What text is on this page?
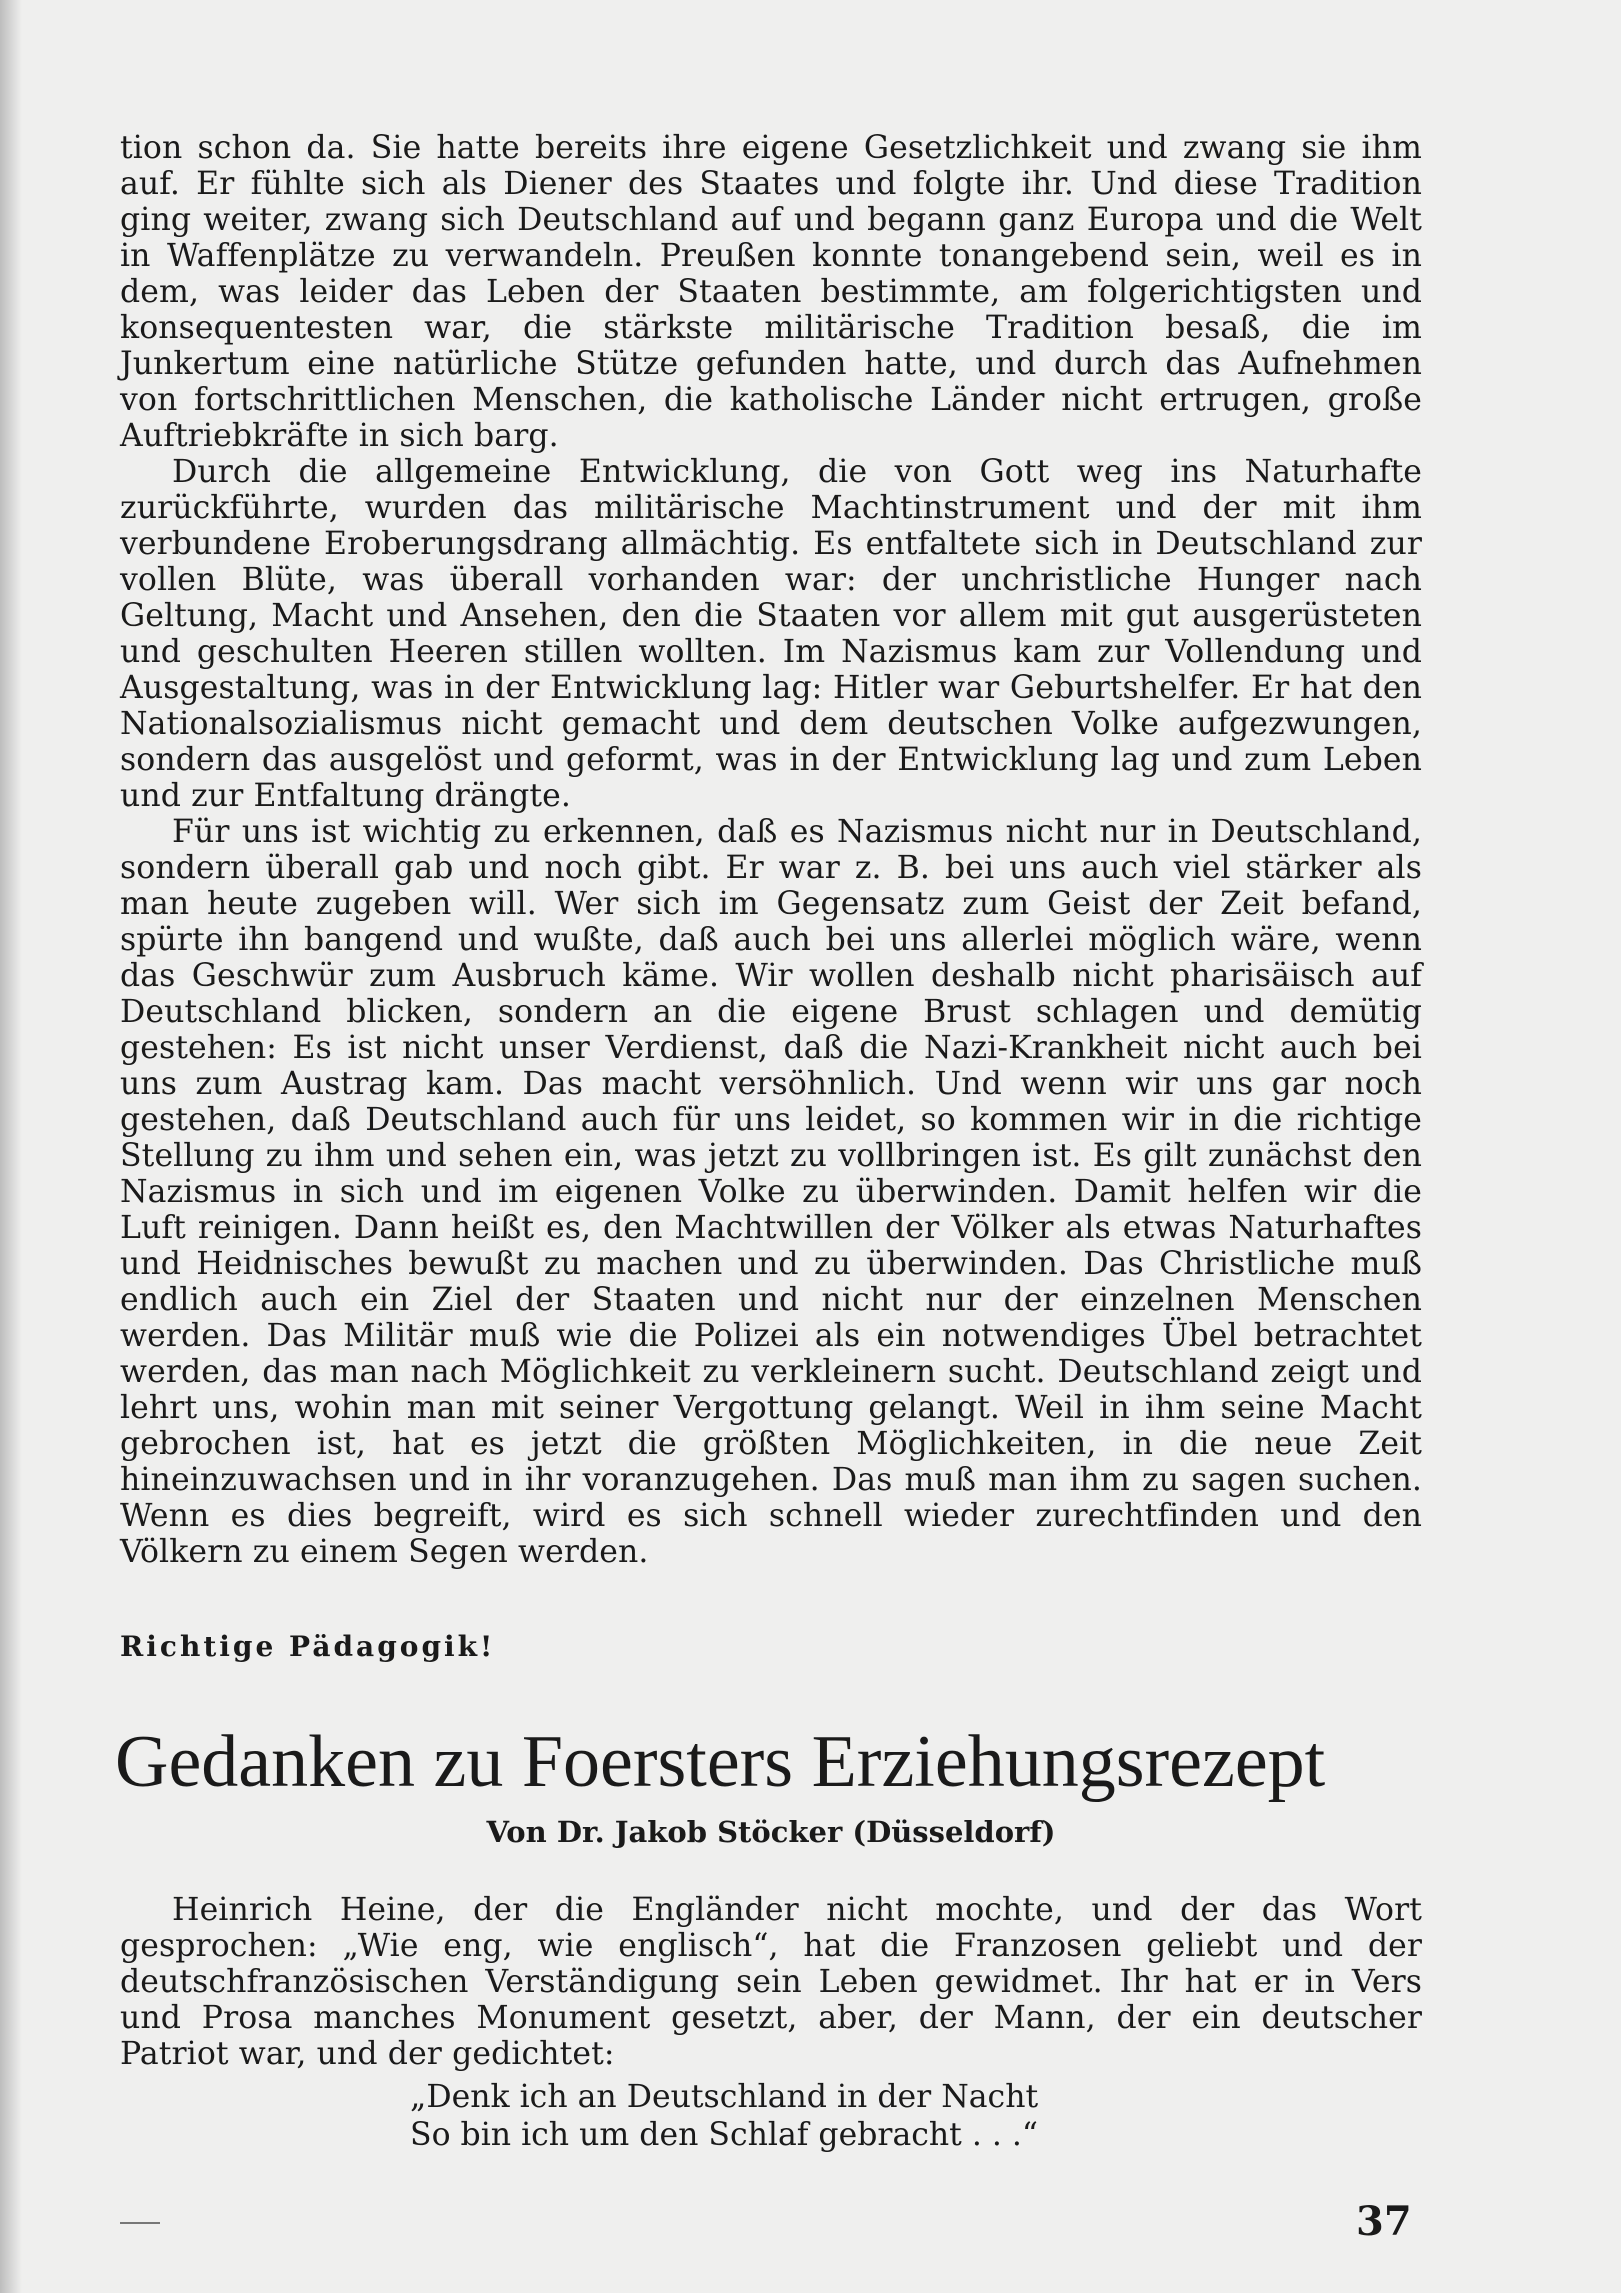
tion schon da. Sie hatte bereits ihre eigene Gesetzlichkeit und zwang sie ihm auf. Er fühlte sich als Diener des Staates und folgte ihr. Und diese Tradition ging weiter, zwang sich Deutschland auf und begann ganz Europa und die Welt in Waffenplätze zu verwandeln. Preußen konnte tonangebend sein, weil es in dem, was leider das Leben der Staaten bestimmte, am folgerichtigsten und konsequentesten war, die stärkste militärische Tradition besaß, die im Junkertum eine natürliche Stütze gefunden hatte, und durch das Aufnehmen von fortschrittlichen Menschen, die katholische Länder nicht ertrugen, große Auftriebkräfte in sich barg.

Durch die allgemeine Entwicklung, die von Gott weg ins Naturhafte zurückführte, wurden das militärische Machtinstrument und der mit ihm verbundene Eroberungsdrang allmächtig. Es entfaltete sich in Deutschland zur vollen Blüte, was überall vorhanden war: der unchristliche Hunger nach Geltung, Macht und Ansehen, den die Staaten vor allem mit gut ausgerüsteten und geschulten Heeren stillen wollten. Im Nazismus kam zur Vollendung und Ausgestaltung, was in der Entwicklung lag: Hitler war Geburtshelfer. Er hat den Nationalsozialismus nicht gemacht und dem deutschen Volke aufgezwungen, sondern das ausgelöst und geformt, was in der Entwicklung lag und zum Leben und zur Entfaltung drängte.

Für uns ist wichtig zu erkennen, daß es Nazismus nicht nur in Deutschland, sondern überall gab und noch gibt. Er war z. B. bei uns auch viel stärker als man heute zugeben will. Wer sich im Gegensatz zum Geist der Zeit befand, spürte ihn bangend und wußte, daß auch bei uns allerlei möglich wäre, wenn das Geschwür zum Ausbruch käme. Wir wollen deshalb nicht pharisäisch auf Deutschland blicken, sondern an die eigene Brust schlagen und demütig gestehen: Es ist nicht unser Verdienst, daß die Nazi-Krankheit nicht auch bei uns zum Austrag kam. Das macht versöhnlich. Und wenn wir uns gar noch gestehen, daß Deutschland auch für uns leidet, so kommen wir in die richtige Stellung zu ihm und sehen ein, was jetzt zu vollbringen ist. Es gilt zunächst den Nazismus in sich und im eigenen Volke zu überwinden. Damit helfen wir die Luft reinigen. Dann heißt es, den Machtwillen der Völker als etwas Naturhaftes und Heidnisches bewußt zu machen und zu überwinden. Das Christliche muß endlich auch ein Ziel der Staaten und nicht nur der einzelnen Menschen werden. Das Militär muß wie die Polizei als ein notwendiges Übel betrachtet werden, das man nach Möglichkeit zu verkleinern sucht. Deutschland zeigt und lehrt uns, wohin man mit seiner Vergottung gelangt. Weil in ihm seine Macht gebrochen ist, hat es jetzt die größten Möglichkeiten, in die neue Zeit hineinzuwachsen und in ihr voranzugehen. Das muß man ihm zu sagen suchen. Wenn es dies begreift, wird es sich schnell wieder zurechtfinden und den Völkern zu einem Segen werden.

Richtige Pädagogik!

Gedanken zu Foersters Erziehungsrezept

Von Dr. Jakob Stöcker (Düsseldorf)

Heinrich Heine, der die Engländer nicht mochte, und der das Wort gesprochen: „Wie eng, wie englisch“, hat die Franzosen geliebt und der deutschfranzösischen Verständigung sein Leben gewidmet. Ihr hat er in Vers und Prosa manches Monument gesetzt, aber, der Mann, der ein deutscher Patriot war, und der gedichtet:

„Denk ich an Deutschland in der Nacht
So bin ich um den Schlaf gebracht . . .“

37
